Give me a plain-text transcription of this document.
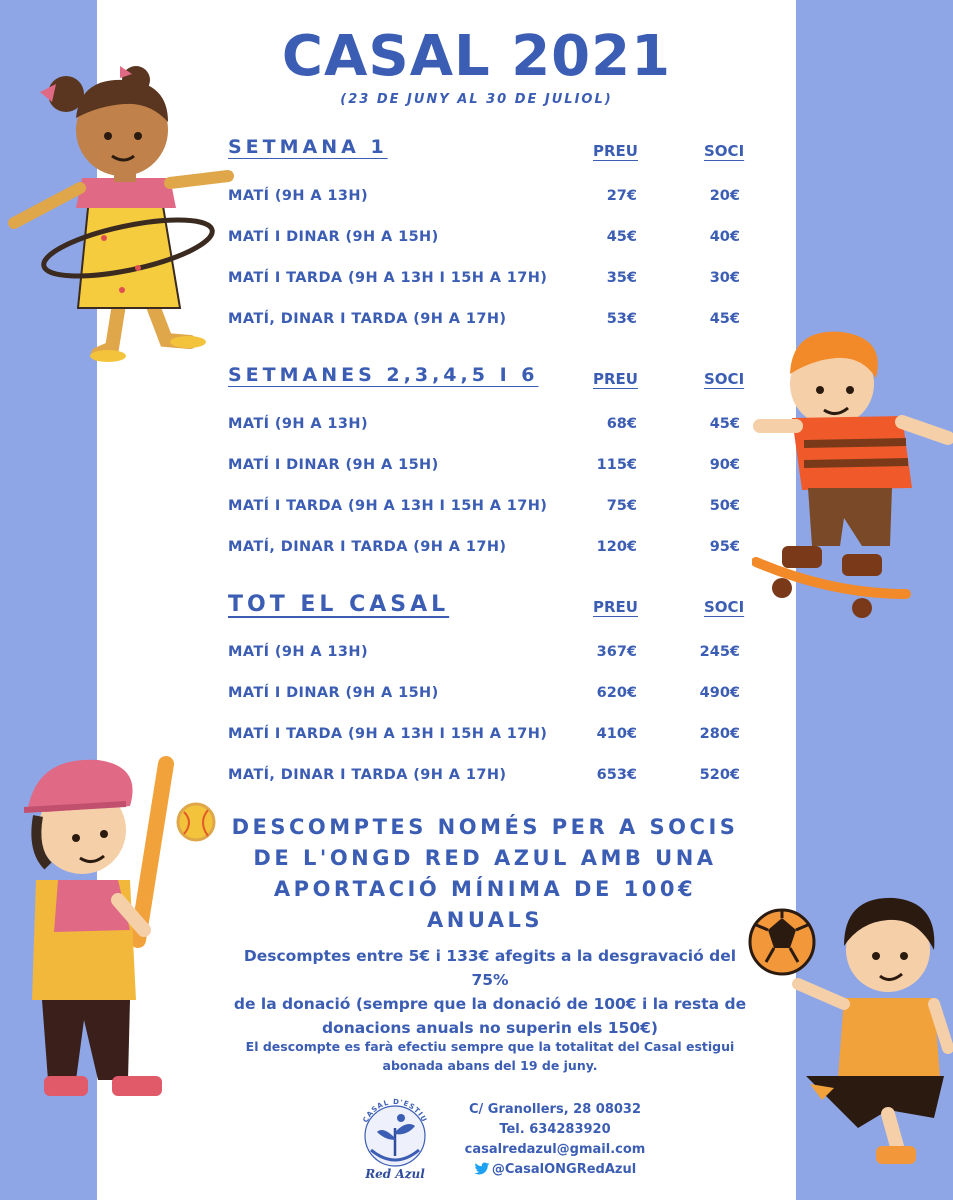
CASAL 2021
(23 DE JUNY AL 30 DE JULIOL)
SETMANA 1	PREU	SOCI
MATÍ (9H A 13H)	27€	20€
MATÍ I DINAR (9H A 15H)	45€	40€
MATÍ I TARDA (9H A 13H I 15H A 17H)	35€	30€
MATÍ, DINAR I TARDA (9H A 17H)	53€	45€
SETMANES 2,3,4,5 I 6	PREU	SOCI
MATÍ (9H A 13H)	68€	45€
MATÍ I DINAR (9H A 15H)	115€	90€
MATÍ I TARDA (9H A 13H I 15H A 17H)	75€	50€
MATÍ, DINAR I TARDA (9H A 17H)	120€	95€
TOT EL CASAL	PREU	SOCI
MATÍ (9H A 13H)	367€	245€
MATÍ I DINAR (9H A 15H)	620€	490€
MATÍ I TARDA (9H A 13H I 15H A 17H)	410€	280€
MATÍ, DINAR I TARDA (9H A 17H)	653€	520€
DESCOMPTES NOMÉS PER A SOCIS
DE L'ONGD RED AZUL AMB UNA
APORTACIÓ MÍNIMA DE 100€
ANUALS
Descomptes entre 5€ i 133€ afegits a la desgravació del 75%
de la donació (sempre que la donació de 100€ i la resta de
donacions anuals no superin els 150€)
El descompte es farà efectiu sempre que la totalitat del Casal estigui
abonada abans del 19 de juny.
CASAL D'ESTIU
Red Azul
C/ Granollers, 28 08032
Tel. 634283920
casalredazul@gmail.com
@CasalONGRedAzul
